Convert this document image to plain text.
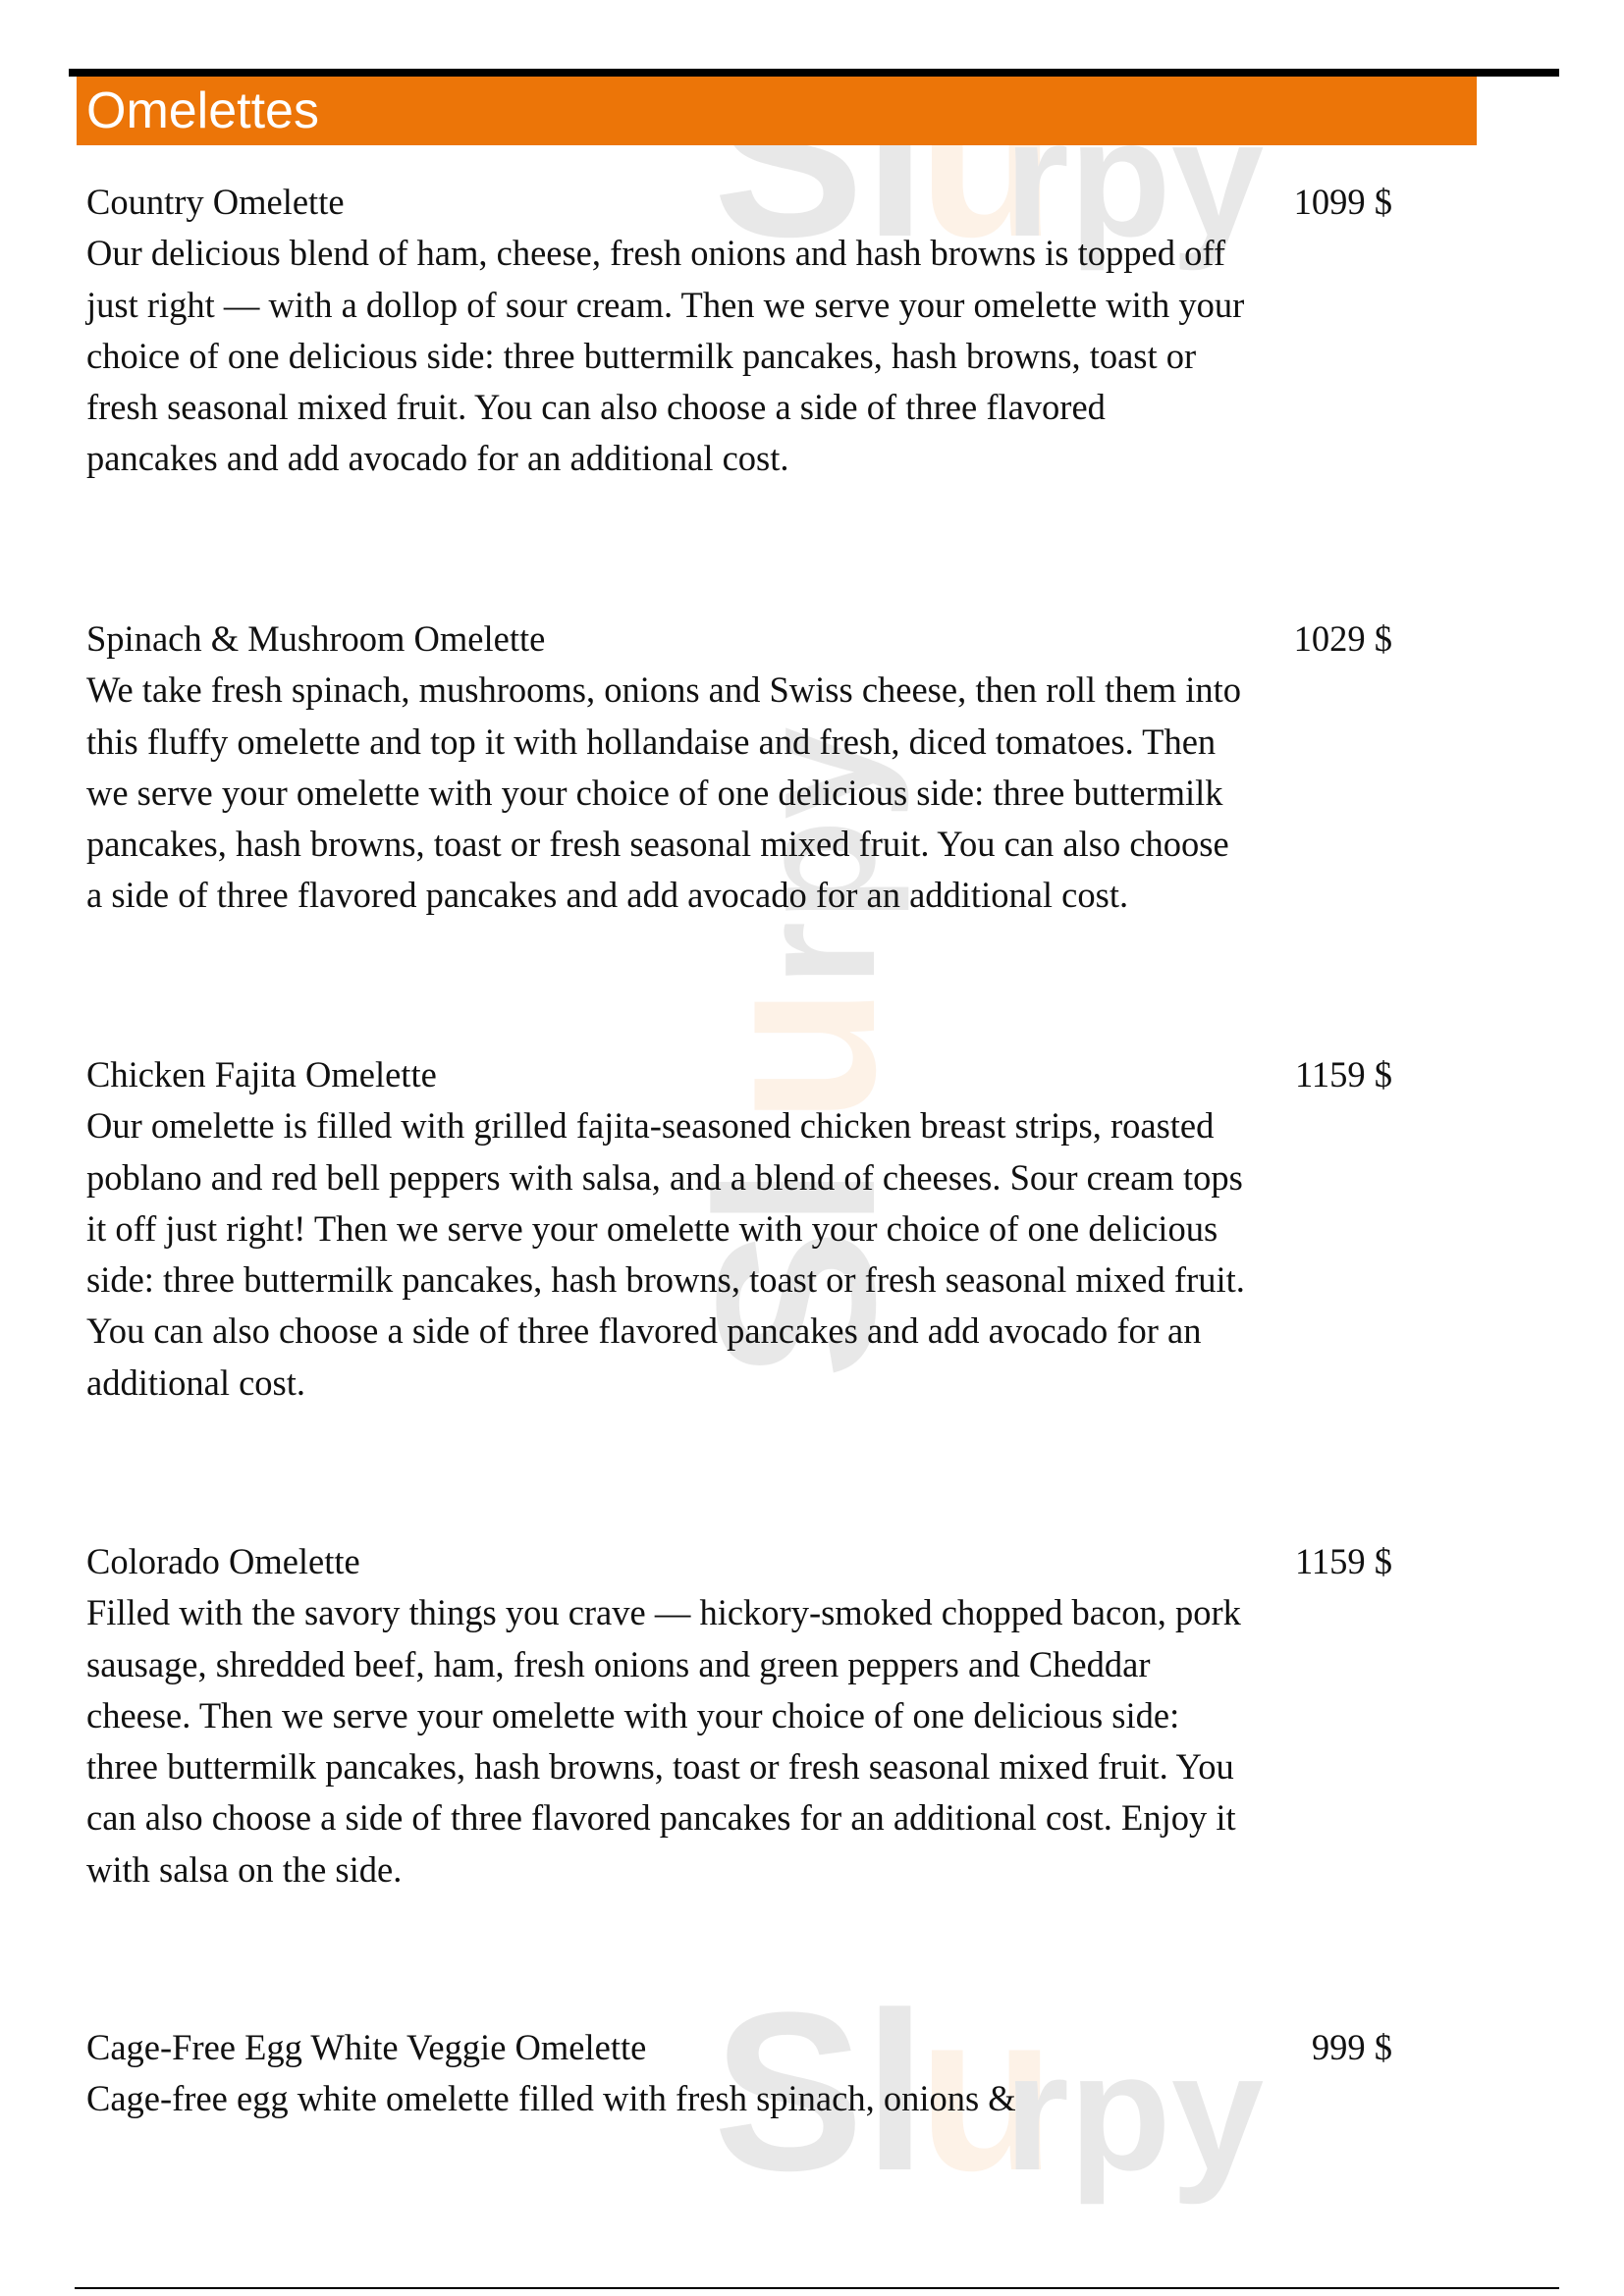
Sl
u
rpy
Sl
u
rpy
Sl
u
rpy
Omelettes
Country Omelette	1099 $
Our delicious blend of ham, cheese, fresh onions and hash browns is topped off just right — with a dollop of sour cream. Then we serve your omelette with your choice of one delicious side: three buttermilk pancakes, hash browns, toast or fresh seasonal mixed fruit. You can also choose a side of three flavored pancakes and add avocado for an additional cost.
Spinach & Mushroom Omelette	1029 $
We take fresh spinach, mushrooms, onions and Swiss cheese, then roll them into this fluffy omelette and top it with hollandaise and fresh, diced tomatoes. Then we serve your omelette with your choice of one delicious side: three buttermilk pancakes, hash browns, toast or fresh seasonal mixed fruit. You can also choose a side of three flavored pancakes and add avocado for an additional cost.
Chicken Fajita Omelette	1159 $
Our omelette is filled with grilled fajita-seasoned chicken breast strips, roasted poblano and red bell peppers with salsa, and a blend of cheeses. Sour cream tops it off just right! Then we serve your omelette with your choice of one delicious side: three buttermilk pancakes, hash browns, toast or fresh seasonal mixed fruit. You can also choose a side of three flavored pancakes and add avocado for an additional cost.
Colorado Omelette	1159 $
Filled with the savory things you crave — hickory-smoked chopped bacon, pork sausage, shredded beef, ham, fresh onions and green peppers and Cheddar cheese. Then we serve your omelette with your choice of one delicious side: three buttermilk pancakes, hash browns, toast or fresh seasonal mixed fruit. You can also choose a side of three flavored pancakes for an additional cost. Enjoy it with salsa on the side.
Cage-Free Egg White Veggie Omelette	999 $
Cage-free egg white omelette filled with fresh spinach, onions &
